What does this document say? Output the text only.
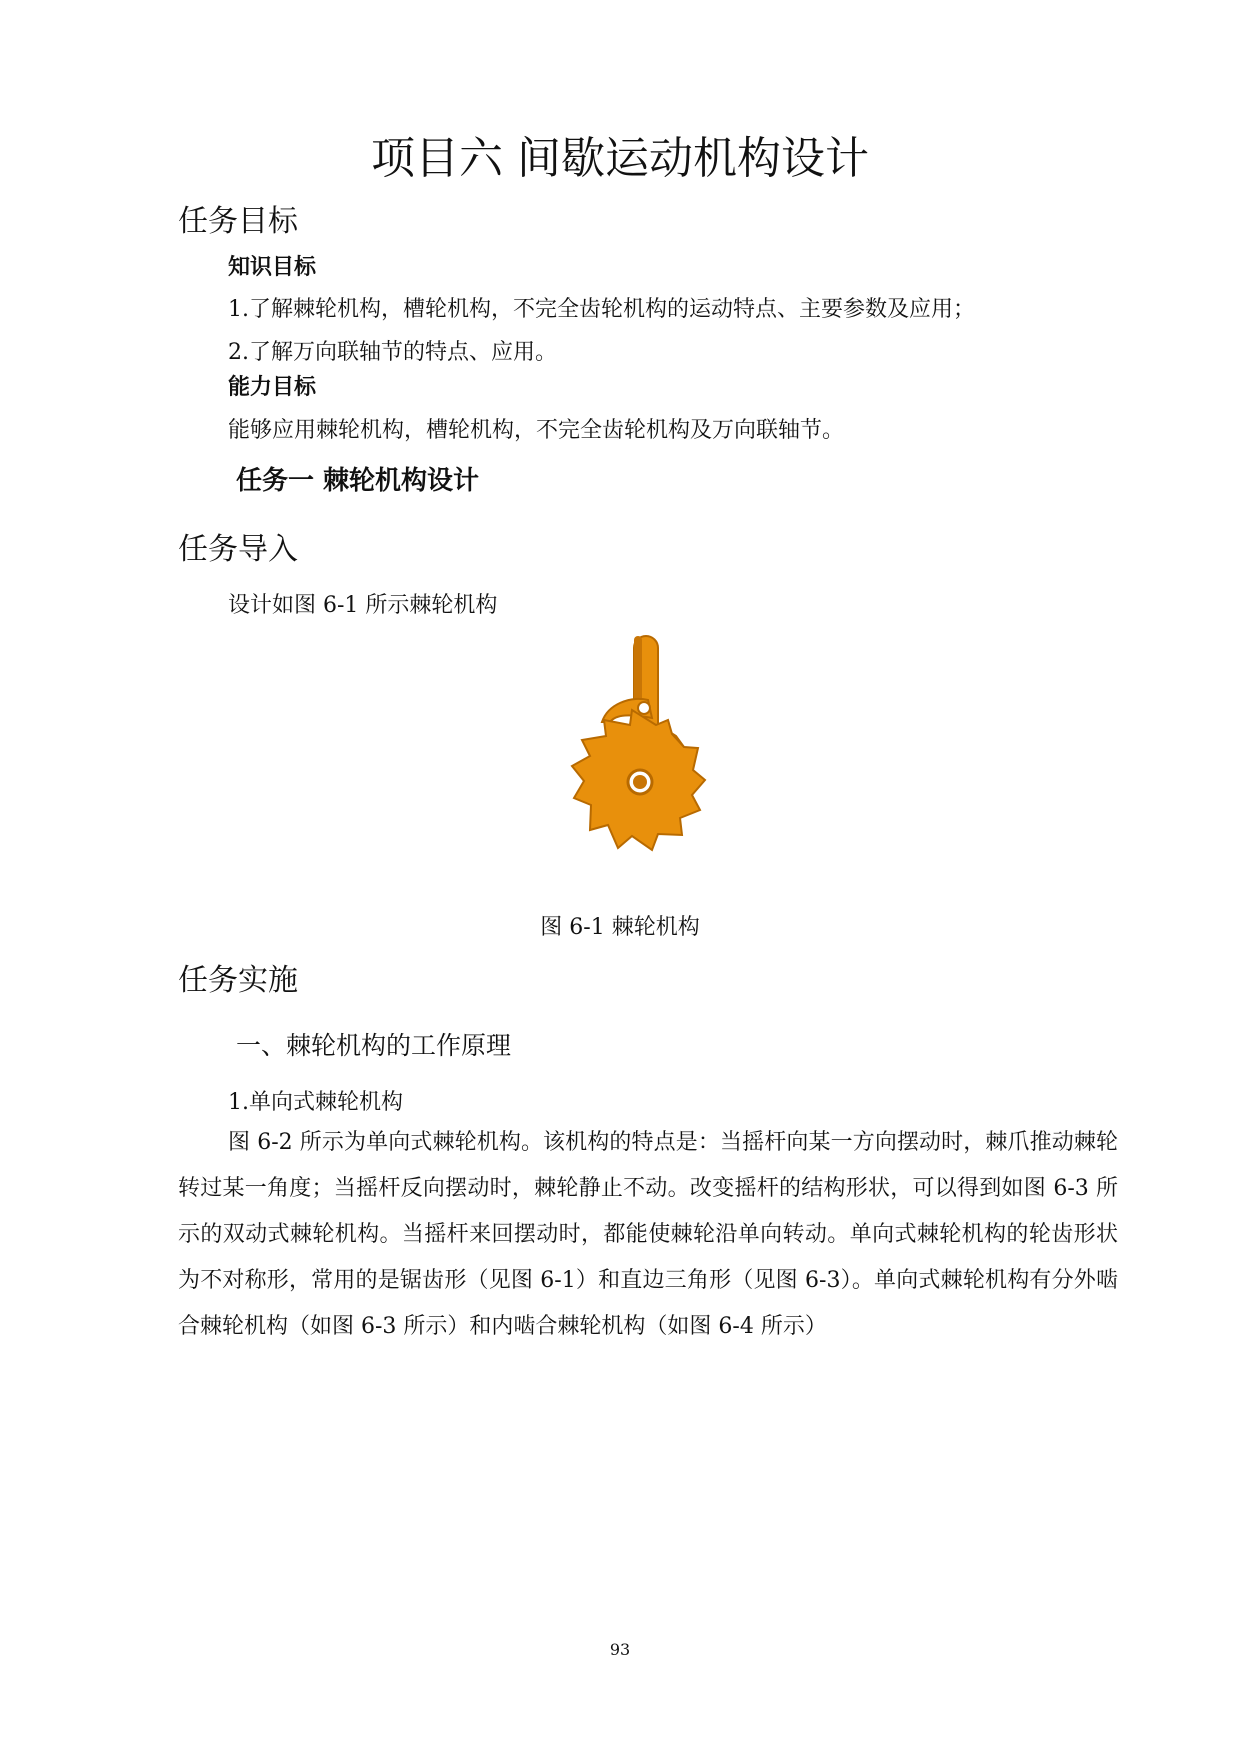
项目六 间歇运动机构设计
任务目标
知识目标
1.了解棘轮机构，槽轮机构，不完全齿轮机构的运动特点、主要参数及应用；
2.了解万向联轴节的特点、应用。
能力目标
能够应用棘轮机构，槽轮机构，不完全齿轮机构及万向联轴节。
任务一 棘轮机构设计
任务导入
设计如图 6-1 所示棘轮机构
图 6-1 棘轮机构
任务实施
一、棘轮机构的工作原理
1.单向式棘轮机构
图 6-2 所示为单向式棘轮机构。该机构的特点是：当摇杆向某一方向摆动时，棘爪推动棘轮转过某一角度；当摇杆反向摆动时，棘轮静止不动。改变摇杆的结构形状，可以得到如图 6-3 所示的双动式棘轮机构。当摇杆来回摆动时，都能使棘轮沿单向转动。单向式棘轮机构的轮齿形状为不对称形，常用的是锯齿形（见图 6-1）和直边三角形（见图 6-3）。单向式棘轮机构有分外啮合棘轮机构（如图 6-3 所示）和内啮合棘轮机构（如图 6-4 所示）
93
